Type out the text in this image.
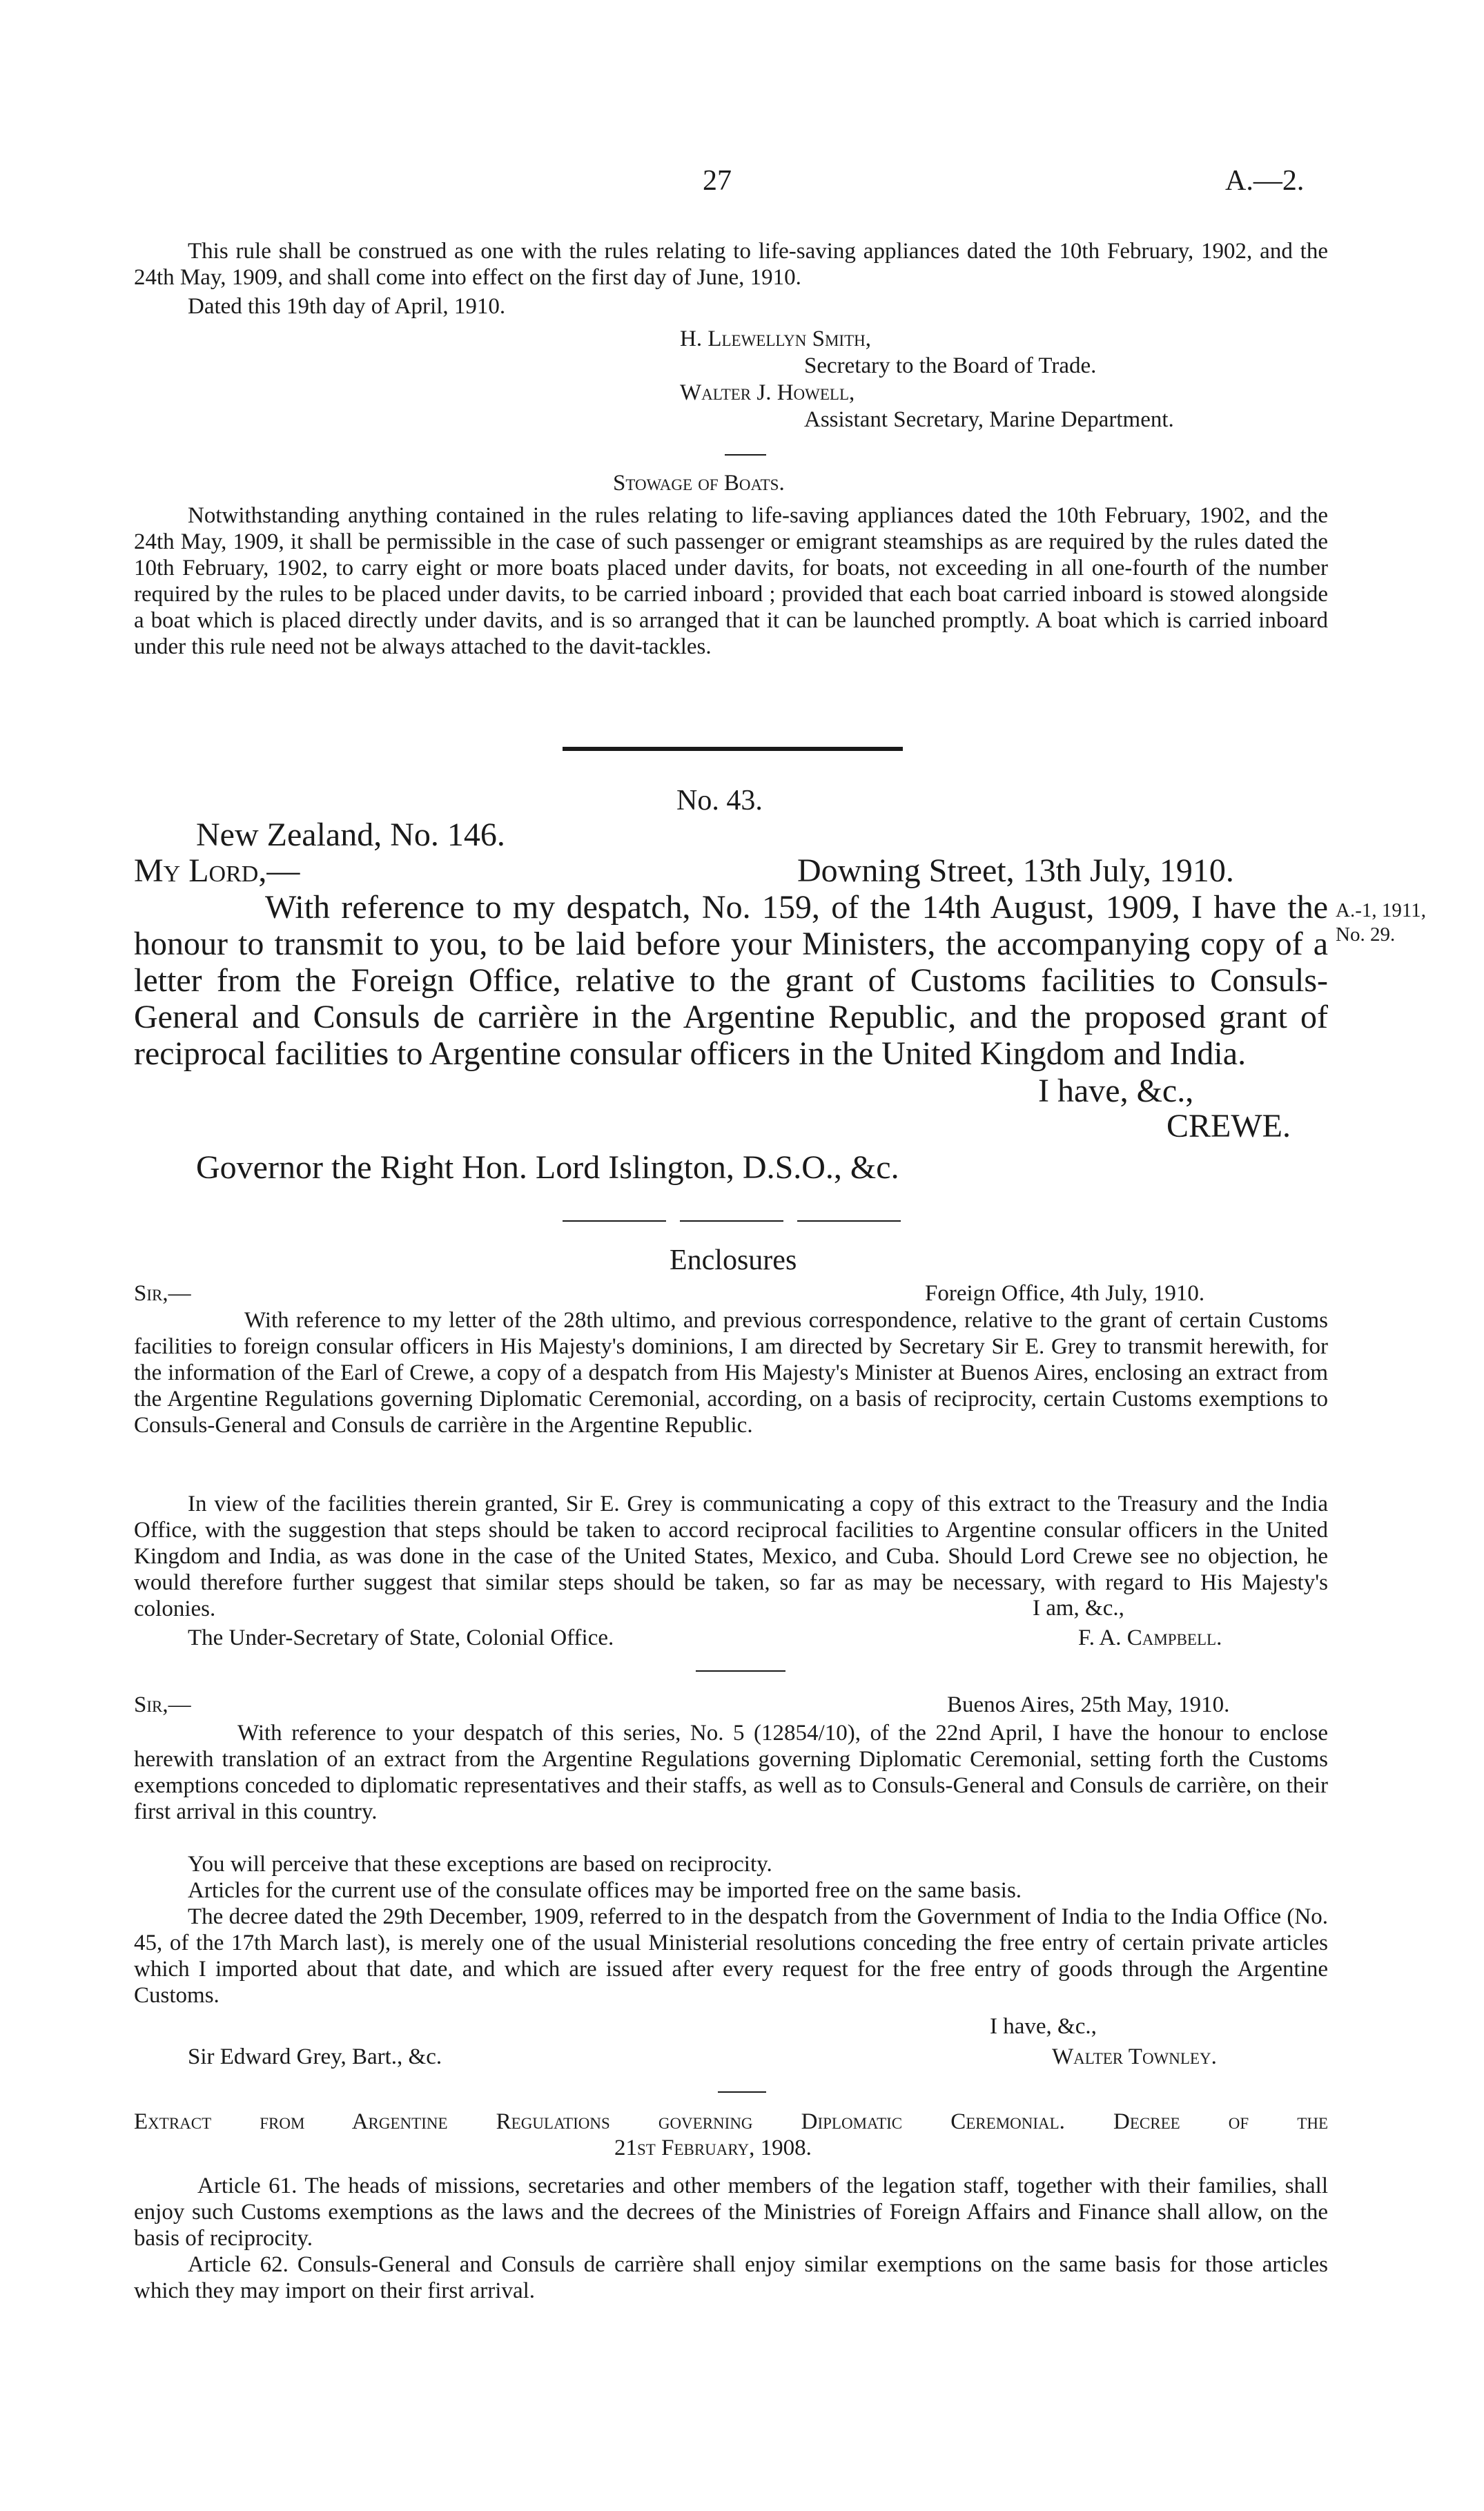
27	A.—2.
This rule shall be construed as one with the rules relating to life-saving appliances dated the 10th February, 1902, and the 24th May, 1909, and shall come into effect on the first day of June, 1910.
Dated this 19th day of April, 1910.
H. Llewellyn Smith,
Secretary to the Board of Trade.
Walter J. Howell,
Assistant Secretary, Marine Department.
Stowage of Boats.
Notwithstanding anything contained in the rules relating to life-saving appliances dated the 10th February, 1902, and the 24th May, 1909, it shall be permissible in the case of such passenger or emigrant steamships as are required by the rules dated the 10th February, 1902, to carry eight or more boats placed under davits, for boats, not exceeding in all one-fourth of the number required by the rules to be placed under davits, to be carried inboard ; provided that each boat carried inboard is stowed alongside a boat which is placed directly under davits, and is so arranged that it can be launched promptly. A boat which is carried inboard under this rule need not be always attached to the davit-tackles.
No. 43.
New Zealand, No. 146.
My Lord,—	Downing Street, 13th July, 1910.
With reference to my despatch, No. 159, of the 14th August, 1909, I have the honour to transmit to you, to be laid before your Ministers, the accompanying copy of a letter from the Foreign Office, relative to the grant of Customs facilities to Consuls-General and Consuls de carrière in the Argentine Republic, and the proposed grant of reciprocal facilities to Argentine consular officers in the United Kingdom and India.
A.-1, 1911,
No. 29.
I have, &c.,
CREWE.
Governor the Right Hon. Lord Islington, D.S.O., &c.
Enclosures
Sir,—	Foreign Office, 4th July, 1910.
With reference to my letter of the 28th ultimo, and previous correspondence, relative to the grant of certain Customs facilities to foreign consular officers in His Majesty's dominions, I am directed by Secretary Sir E. Grey to transmit herewith, for the information of the Earl of Crewe, a copy of a despatch from His Majesty's Minister at Buenos Aires, enclosing an extract from the Argentine Regulations governing Diplomatic Ceremonial, according, on a basis of reciprocity, certain Customs exemptions to Consuls-General and Consuls de carrière in the Argentine Republic.
In view of the facilities therein granted, Sir E. Grey is communicating a copy of this extract to the Treasury and the India Office, with the suggestion that steps should be taken to accord reciprocal facilities to Argentine consular officers in the United Kingdom and India, as was done in the case of the United States, Mexico, and Cuba. Should Lord Crewe see no objection, he would therefore further suggest that similar steps should be taken, so far as may be necessary, with regard to His Majesty's colonies.	I am, &c.,
The Under-Secretary of State, Colonial Office.	F. A. Campbell.
Sir,—	Buenos Aires, 25th May, 1910.
With reference to your despatch of this series, No. 5 (12854/10), of the 22nd April, I have the honour to enclose herewith translation of an extract from the Argentine Regulations governing Diplomatic Ceremonial, setting forth the Customs exemptions conceded to diplomatic representatives and their staffs, as well as to Consuls-General and Consuls de carrière, on their first arrival in this country.
You will perceive that these exceptions are based on reciprocity.
Articles for the current use of the consulate offices may be imported free on the same basis.
The decree dated the 29th December, 1909, referred to in the despatch from the Government of India to the India Office (No. 45, of the 17th March last), is merely one of the usual Ministerial resolutions conceding the free entry of certain private articles which I imported about that date, and which are issued after every request for the free entry of goods through the Argentine Customs.
I have, &c.,
Sir Edward Grey, Bart., &c.	Walter Townley.
Extract from Argentine Regulations governing Diplomatic Ceremonial. Decree of the
21st February, 1908.
Article 61. The heads of missions, secretaries and other members of the legation staff, together with their families, shall enjoy such Customs exemptions as the laws and the decrees of the Ministries of Foreign Affairs and Finance shall allow, on the basis of reciprocity.
Article 62. Consuls-General and Consuls de carrière shall enjoy similar exemptions on the same basis for those articles which they may import on their first arrival.
